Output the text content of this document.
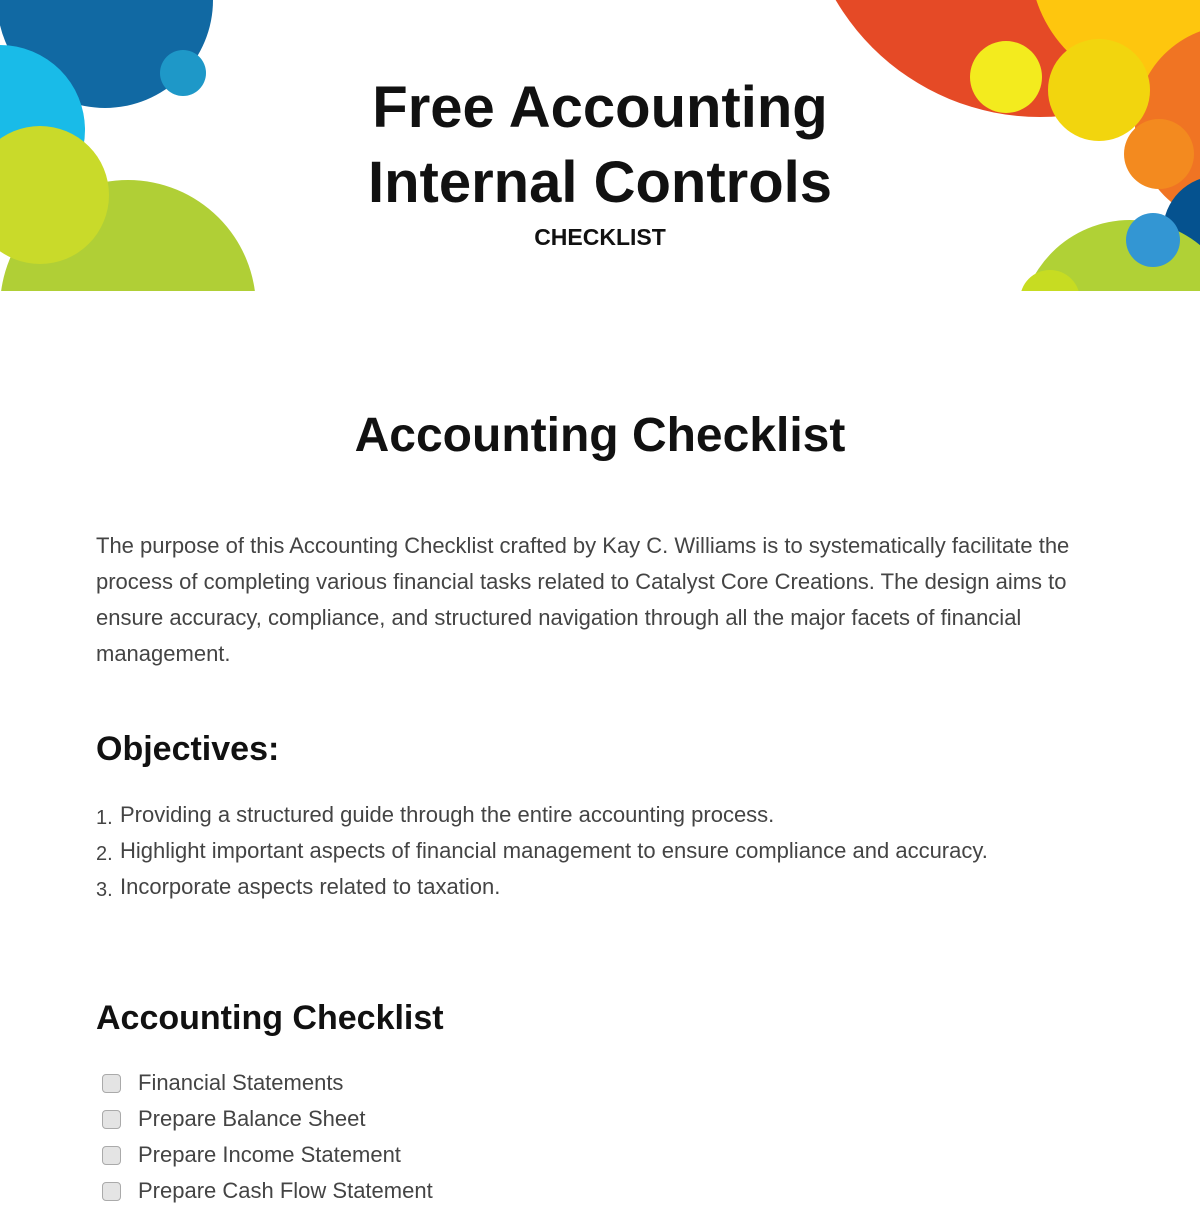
Free Accounting
Internal Controls
CHECKLIST
Accounting Checklist

The purpose of this Accounting Checklist crafted by Kay C. Williams is to systematically facilitate the process of completing various financial tasks related to Catalyst Core Creations. The design aims to ensure accuracy, compliance, and structured navigation through all the major facets of financial management.

Objectives:
1. Providing a structured guide through the entire accounting process.
2. Highlight important aspects of financial management to ensure compliance and accuracy.
3. Incorporate aspects related to taxation.
Accounting Checklist
Financial Statements
Prepare Balance Sheet
Prepare Income Statement
Prepare Cash Flow Statement
